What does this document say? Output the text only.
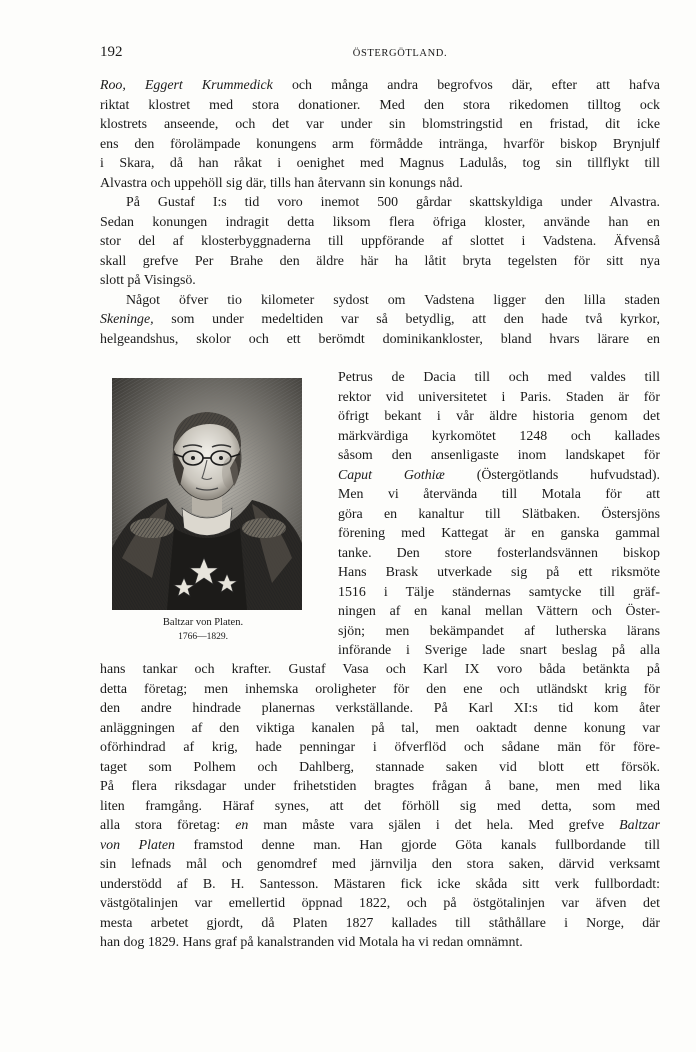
192	ÖSTERGÖTLAND.
Roo, Eggert Krummedick och många andra begrofvos där, efter att hafva
riktat klostret med stora donationer. Med den stora rikedomen tilltog ock
klostrets anseende, och det var under sin blomstringstid en fristad, dit icke
ens den förolämpade konungens arm förmådde inträngа, hvarför biskop Brynjulf
i Skara, då han råkat i oenighet med Magnus Ladulås, tog sin tillflykt till
Alvastra och uppehöll sig där, tills han återvann sin konungs nåd.
På Gustaf I:s tid voro inemot 500 gårdar skattskyldiga under Alvastra.
Sedan konungen indragit detta liksom flera öfriga kloster, använde han en
stor del af klosterbyggnaderna till uppförande af slottet i Vadstena. Äfvenså
skall grefve Per Brahe den äldre här ha låtit bryta tegelsten för sitt nya
slott på Visingsö.
Något öfver tio kilometer sydost om Vadstena ligger den lilla staden
Skeninge, som under medeltiden var så betydlig, att den hade två kyrkor,
helgeandshus, skolor och ett berömdt dominikankloster, bland hvars lärare en
Baltzar von Platen.
1766—1829.
Petrus de Dacia till och med valdes till
rektor vid universitetet i Paris. Staden är för
öfrigt bekant i vår äldre historia genom det
märkvärdiga kyrkomötet 1248 och kallades
såsom den ansenligaste inom landskapet för
Caput Gothiæ (Östergötlands hufvudstad).
Men vi återvända till Motala för att
göra en kanaltur till Slätbaken. Östersjöns
förening med Kattegat är en ganska gammal
tanke. Den store fosterlandsvännen biskop
Hans Brask utverkade sig på ett riksmöte
1516 i Tälje ständernas samtycke till gräf-
ningen af en kanal mellan Vättern och Öster-
sjön; men bekämpandet af lutherska lärans
införande i Sverige lade snart beslag på alla
hans tankar och krafter. Gustaf Vasa och Karl IX voro båda betänkta på
detta företag; men inhemska oroligheter för den ene och utländskt krig för
den andre hindrade planernas verkställande. På Karl XI:s tid kom åter
anläggningen af den viktiga kanalen på tal, men oaktadt denne konung var
oförhindrad af krig, hade penningar i öfverflöd och sådane män för före-
taget som Polhem och Dahlberg, stannade saken vid blott ett försök.
På flera riksdagar under frihetstiden bragtes frågan å bane, men med lika
liten framgång. Häraf synes, att det förhöll sig med detta, som med
alla stora företag: en man måste vara själen i det hela. Med grefve Baltzar
von Platen framstod denne man. Han gjorde Göta kanals fullbordande till
sin lefnads mål och genomdref med järnvilja den stora saken, därvid verksamt
understödd af B. H. Santesson. Mästaren fick icke skåda sitt verk fullbordadt:
västgötalinjen var emellertid öppnad 1822, och på östgötalinjen var äfven det
mesta arbetet gjordt, då Platen 1827 kallades till ståthållare i Norge, där
han dog 1829. Hans graf på kanalstranden vid Motala ha vi redan omnämnt.
